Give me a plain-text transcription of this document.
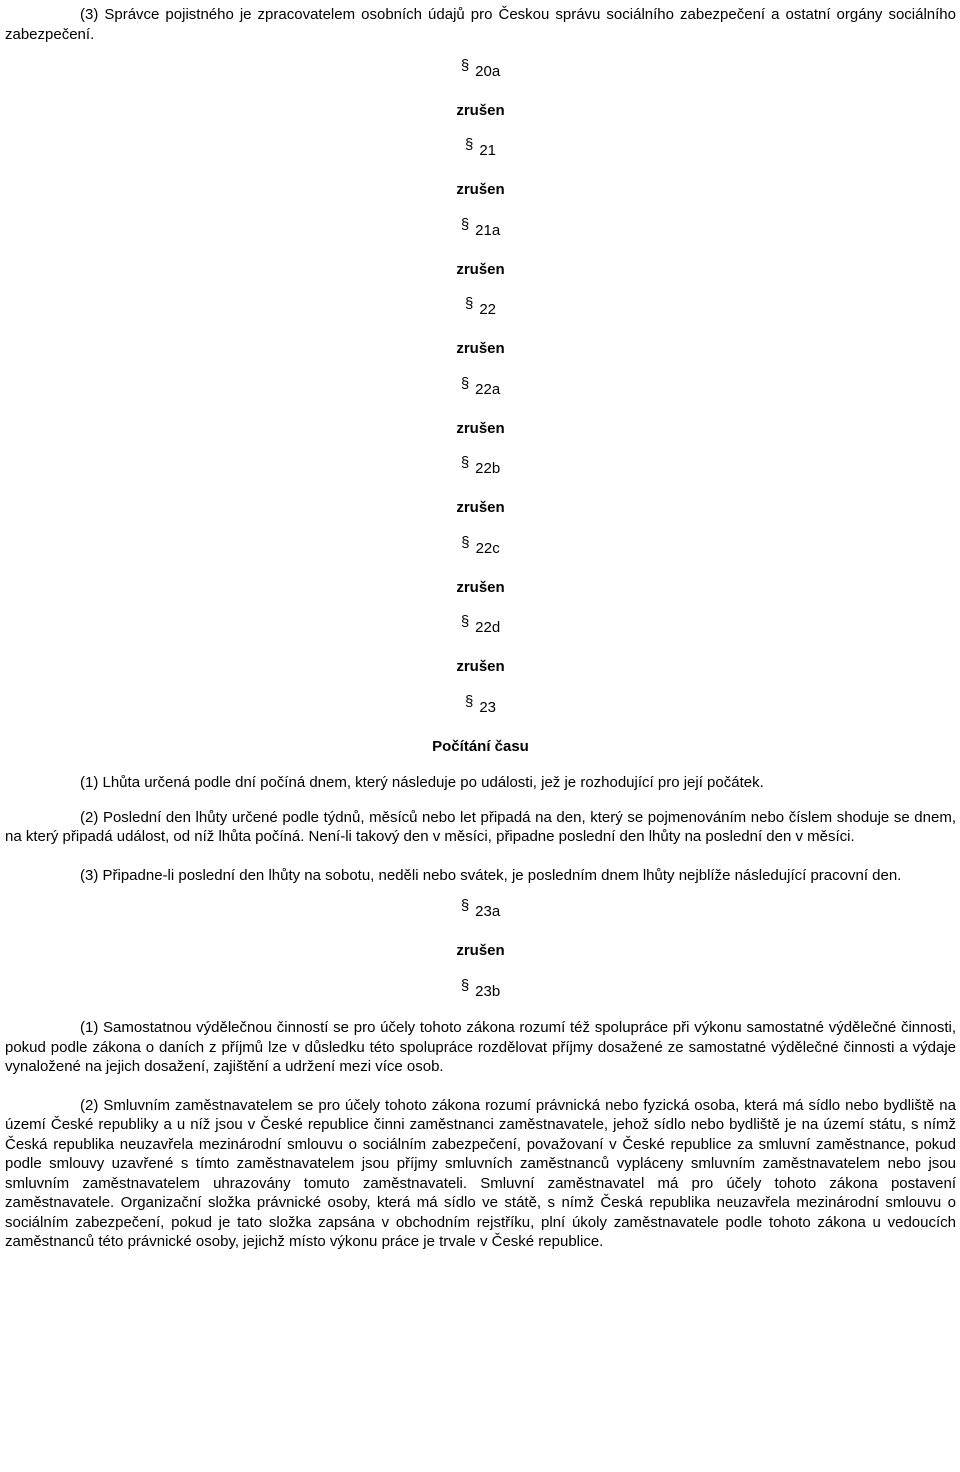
(3) Správce pojistného je zpracovatelem osobních údajů pro Českou správu sociálního zabezpečení a ostatní orgány sociálního zabezpečení.

§ 20a
zrušen
§ 21
zrušen
§ 21a
zrušen
§ 22
zrušen
§ 22a
zrušen
§ 22b
zrušen
§ 22c
zrušen
§ 22d
zrušen
§ 23
Počítání času

(1) Lhůta určená podle dní počíná dnem, který následuje po události, jež je rozhodující pro její počátek.

(2) Poslední den lhůty určené podle týdnů, měsíců nebo let připadá na den, který se pojmenováním nebo číslem shoduje se dnem, na který připadá událost, od níž lhůta počíná. Není-li takový den v měsíci, připadne poslední den lhůty na poslední den v měsíci.

(3) Připadne-li poslední den lhůty na sobotu, neděli nebo svátek, je posledním dnem lhůty nejblíže následující pracovní den.

§ 23a
zrušen
§ 23b

(1) Samostatnou výdělečnou činností se pro účely tohoto zákona rozumí též spolupráce při výkonu samostatné výdělečné činnosti, pokud podle zákona o daních z příjmů lze v důsledku této spolupráce rozdělovat příjmy dosažené ze samostatné výdělečné činnosti a výdaje vynaložené na jejich dosažení, zajištění a udržení mezi více osob.

(2) Smluvním zaměstnavatelem se pro účely tohoto zákona rozumí právnická nebo fyzická osoba, která má sídlo nebo bydliště na území České republiky a u níž jsou v České republice činni zaměstnanci zaměstnavatele, jehož sídlo nebo bydliště je na území státu, s nímž Česká republika neuzavřela mezinárodní smlouvu o sociálním zabezpečení, považovaní v České republice za smluvní zaměstnance, pokud podle smlouvy uzavřené s tímto zaměstnavatelem jsou příjmy smluvních zaměstnanců vypláceny smluvním zaměstnavatelem nebo jsou smluvním zaměstnavatelem uhrazovány tomuto zaměstnavateli. Smluvní zaměstnavatel má pro účely tohoto zákona postavení zaměstnavatele. Organizační složka právnické osoby, která má sídlo ve státě, s nímž Česká republika neuzavřela mezinárodní smlouvu o sociálním zabezpečení, pokud je tato složka zapsána v obchodním rejstříku, plní úkoly zaměstnavatele podle tohoto zákona u vedoucích zaměstnanců této právnické osoby, jejichž místo výkonu práce je trvale v České republice.
